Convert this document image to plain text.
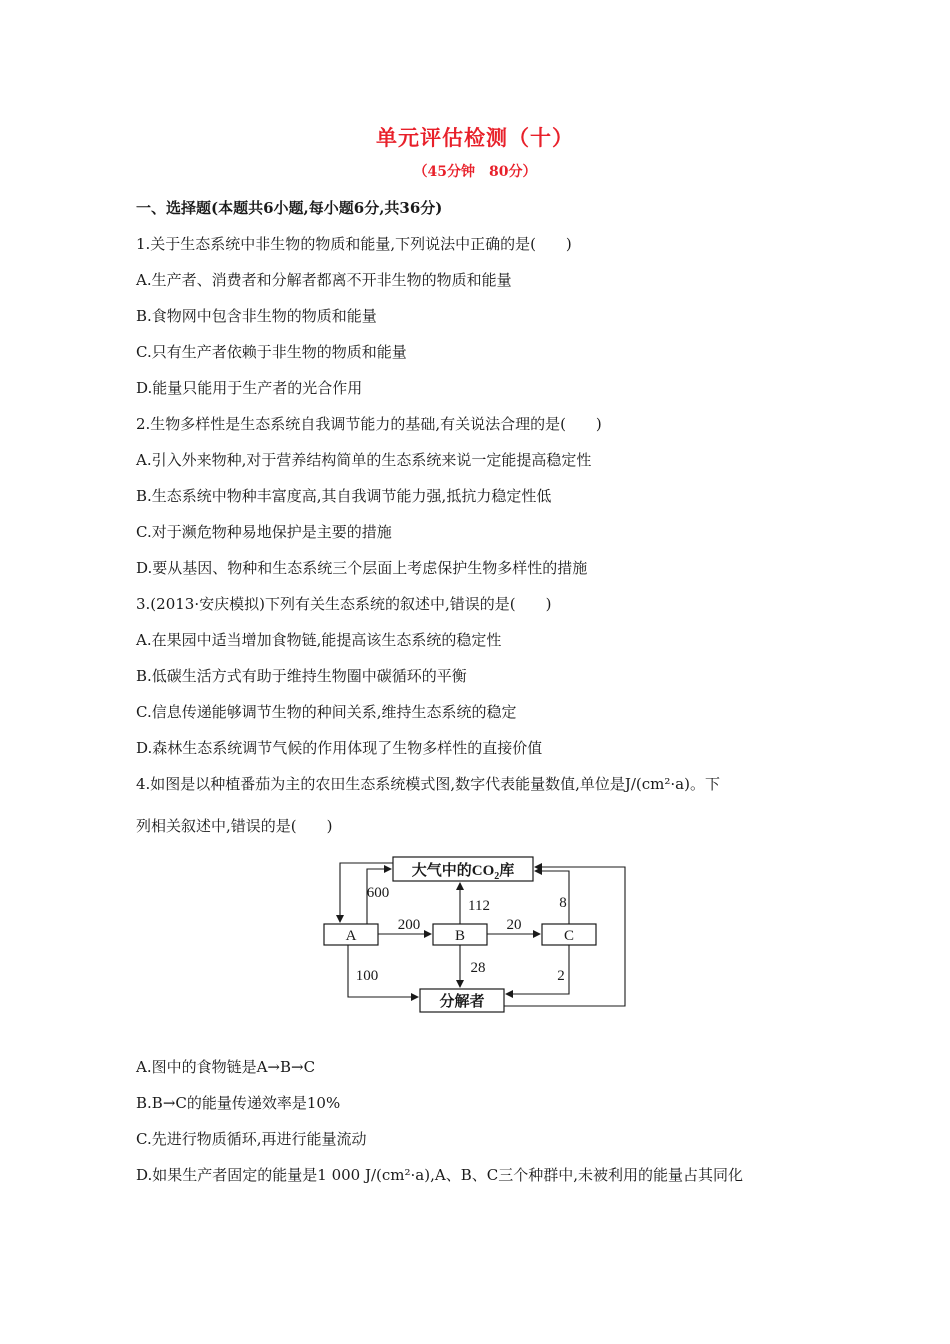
单元评估检测（十）
（45分钟　80分）
一、选择题(本题共6小题,每小题6分,共36分)
1.关于生态系统中非生物的物质和能量,下列说法中正确的是(　　)
A.生产者、消费者和分解者都离不开非生物的物质和能量
B.食物网中包含非生物的物质和能量
C.只有生产者依赖于非生物的物质和能量
D.能量只能用于生产者的光合作用
2.生物多样性是生态系统自我调节能力的基础,有关说法合理的是(　　)
A.引入外来物种,对于营养结构简单的生态系统来说一定能提高稳定性
B.生态系统中物种丰富度高,其自我调节能力强,抵抗力稳定性低
C.对于濒危物种易地保护是主要的措施
D.要从基因、物种和生态系统三个层面上考虑保护生物多样性的措施
3.(2013·安庆模拟)下列有关生态系统的叙述中,错误的是(　　)
A.在果园中适当增加食物链,能提高该生态系统的稳定性
B.低碳生活方式有助于维持生物圈中碳循环的平衡
C.信息传递能够调节生物的种间关系,维持生态系统的稳定
D.森林生态系统调节气候的作用体现了生物多样性的直接价值
4.如图是以种植番茄为主的农田生态系统模式图,数字代表能量数值,单位是J/(cm²·a)。下
列相关叙述中,错误的是(　　)
大气中的$CO_2$库
分解者
A	B	C
600
200
112
20
8
100	28	2
A.图中的食物链是A→B→C
B.B→C的能量传递效率是10%
C.先进行物质循环,再进行能量流动
D.如果生产者固定的能量是1 000 J/(cm²·a),A、B、C三个种群中,未被利用的能量占其同化
